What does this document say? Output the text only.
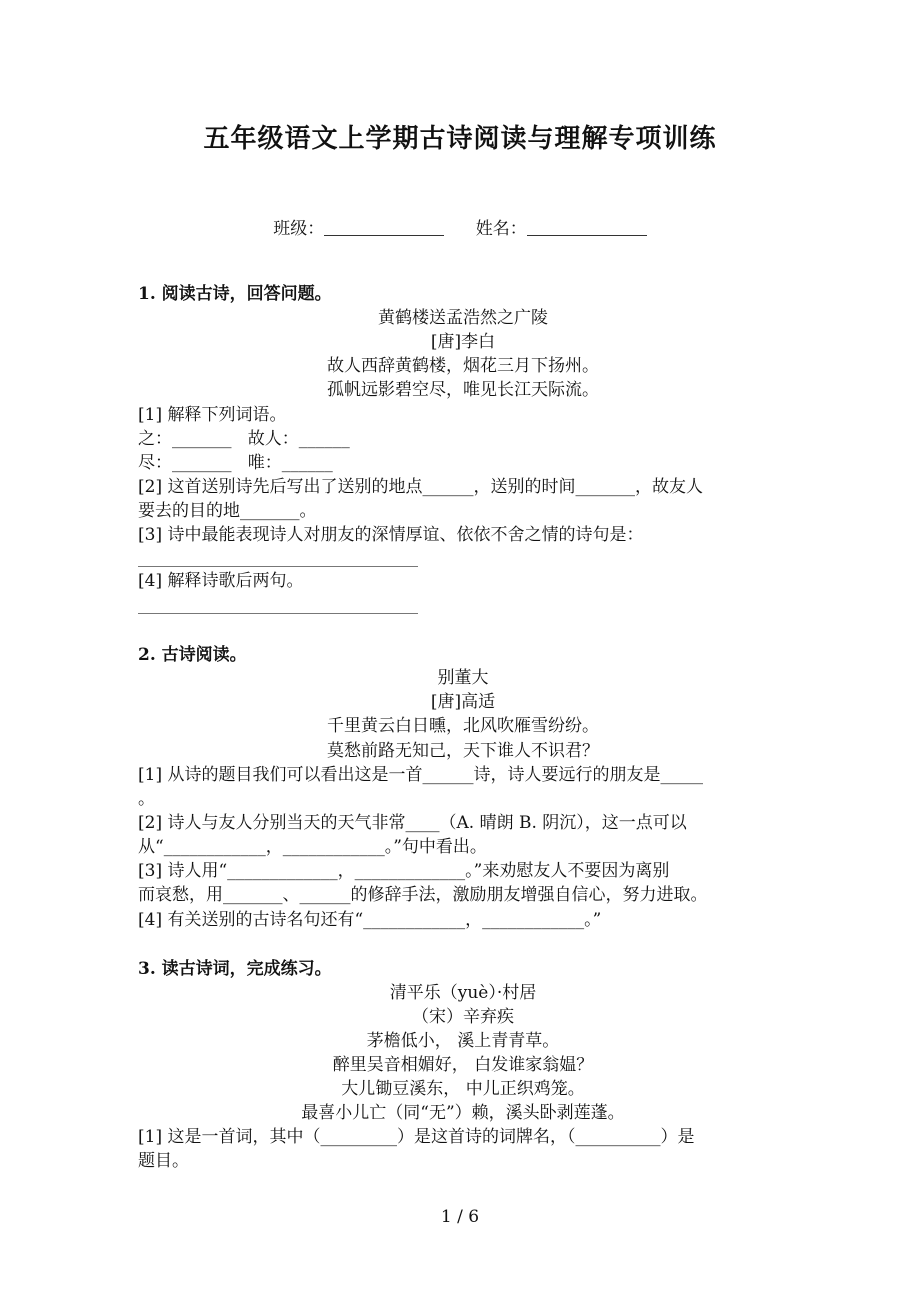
五年级语文上学期古诗阅读与理解专项训练
班级：	姓名：
1. 阅读古诗，回答问题。
黄鹤楼送孟浩然之广陵
[唐]李白
故人西辞黄鹤楼，烟花三月下扬州。
孤帆远影碧空尽，唯见长江天际流。
[1] 解释下列词语。
之：_______   故人：______
尽：_______   唯：______
[2] 这首送别诗先后写出了送别的地点______，送别的时间_______，故友人
要去的目的地_______。
[3] 诗中最能表现诗人对朋友的深情厚谊、依依不舍之情的诗句是：
[4] 解释诗歌后两句。
2. 古诗阅读。
别董大
[唐]高适
千里黄云白日曛，北风吹雁雪纷纷。
莫愁前路无知己，天下谁人不识君？
[1] 从诗的题目我们可以看出这是一首______诗，诗人要远行的朋友是_____
。
[2] 诗人与友人分别当天的天气非常____（A. 晴朗 B. 阴沉），这一点可以
从“____________，____________。”句中看出。
[3] 诗人用“_____________，_____________。”来劝慰友人不要因为离别
而哀愁，用_______、______的修辞手法，激励朋友增强自信心，努力进取。
[4] 有关送别的古诗名句还有“____________，____________。”
3. 读古诗词，完成练习。
清平乐（yuè）·村居
（宋）辛弃疾
茅檐低小， 溪上青青草。
醉里吴音相媚好， 白发谁家翁媪？
大儿锄豆溪东， 中儿正织鸡笼。
最喜小儿亡（同“无”）赖，溪头卧剥莲蓬。
[1] 这是一首词，其中（_________）是这首诗的词牌名，（__________）是
题目。
1 / 6
